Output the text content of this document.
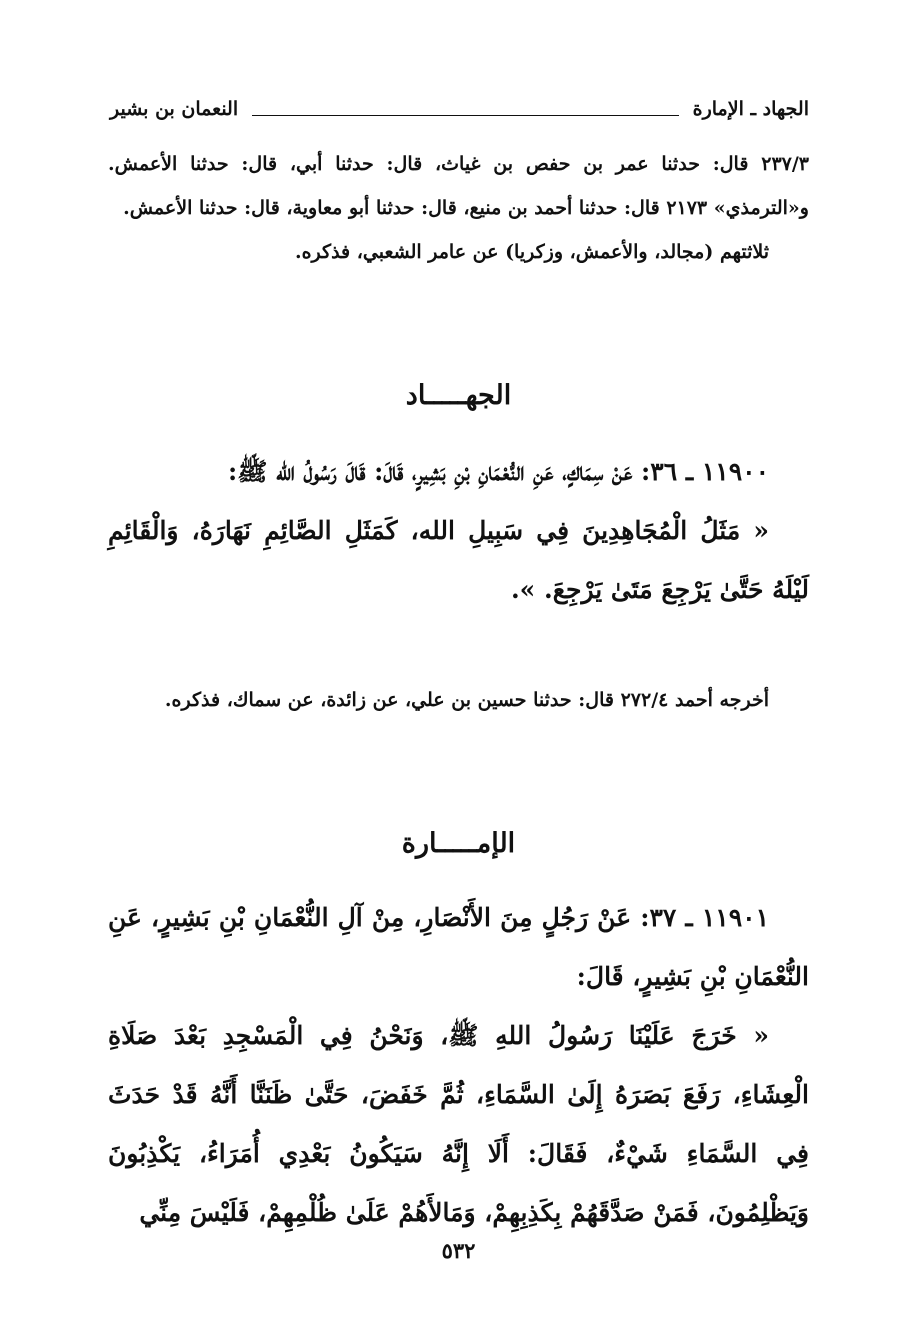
الجهاد ـ الإمارة
النعمان بن بشير

٢٣٧/٣ قال: حدثنا عمر بن حفص بن غياث، قال: حدثنا أبي، قال: حدثنا الأعمش. و«الترمذي» ٢١٧٣ قال: حدثنا أحمد بن منيع، قال: حدثنا أبو معاوية، قال: حدثنا الأعمش.

ثلاثتهم (مجالد، والأعمش، وزكريا) عن عامر الشعبي، فذكره.

الجهـــــاد

١١٩٠٠ ـ ٣٦: عَنْ سِمَاكٍ، عَنِ النُّعْمَانِ بْنِ بَشِيرٍ، قَالَ: قَالَ رَسُولُ الله ﷺ:

« مَثَلُ الْمُجَاهِدِينَ فِي سَبِيلِ الله، كَمَثَلِ الصَّائِمِ نَهَارَهُ، وَالْقَائِمِ لَيْلَهُ حَتَّىٰ يَرْجِعَ مَتَىٰ يَرْجِعَ. ».

أخرجه أحمد ٢٧٢/٤ قال: حدثنا حسين بن علي، عن زائدة، عن سماك، فذكره.

الإمـــــارة

١١٩٠١ ـ ٣٧: عَنْ رَجُلٍ مِنَ الأَنْصَارِ، مِنْ آلِ النُّعْمَانِ بْنِ بَشِيرٍ، عَنِ النُّعْمَانِ بْنِ بَشِيرٍ، قَالَ:

« خَرَجَ عَلَيْنَا رَسُولُ اللهِ ﷺ، وَنَحْنُ فِي الْمَسْجِدِ بَعْدَ صَلَاةِ الْعِشَاءِ، رَفَعَ بَصَرَهُ إِلَىٰ السَّمَاءِ، ثُمَّ خَفَضَ، حَتَّىٰ ظَنَنَّا أَنَّهُ قَدْ حَدَثَ فِي السَّمَاءِ شَيْءٌ، فَقَالَ: أَلَا إِنَّهُ سَيَكُونُ بَعْدِي أُمَرَاءُ، يَكْذِبُونَ وَيَظْلِمُونَ، فَمَنْ صَدَّقَهُمْ بِكَذِبِهِمْ، وَمَالأَهُمْ عَلَىٰ ظُلْمِهِمْ، فَلَيْسَ مِنِّي

٥٣٢
